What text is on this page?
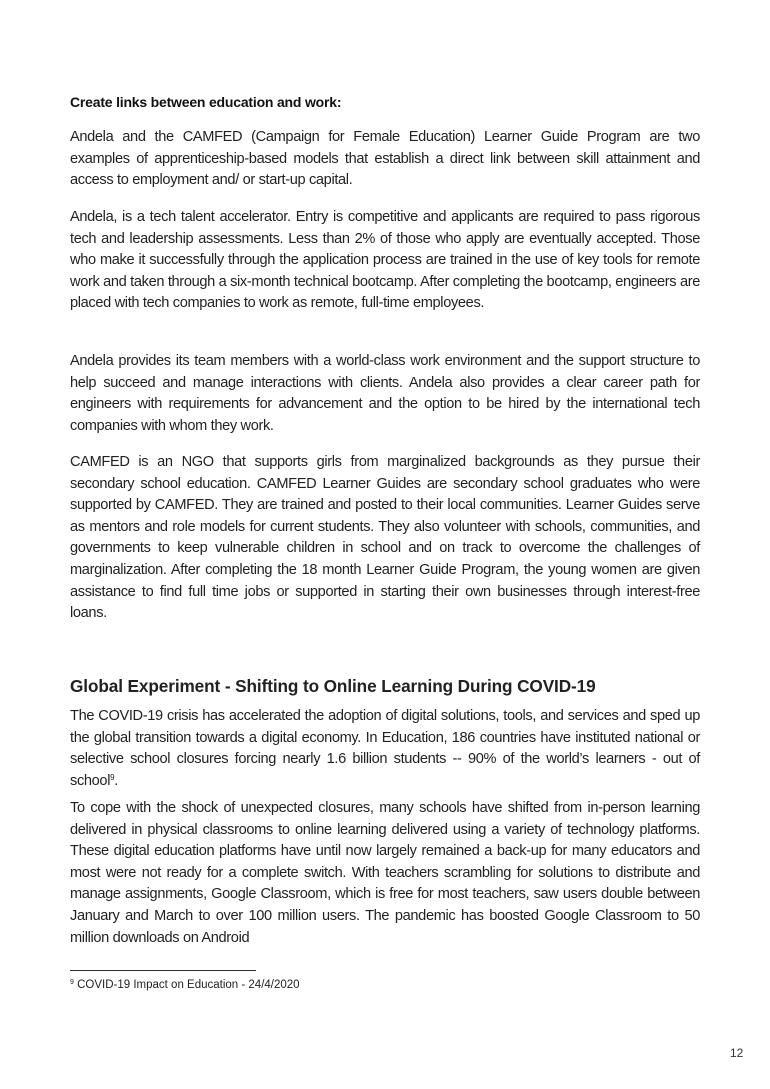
Create links between education and work:
Andela and the CAMFED (Campaign for Female Education) Learner Guide Program are two examples of apprenticeship-based models that establish a direct link between skill attainment and access to employment and/ or start-up capital.
Andela, is a tech talent accelerator. Entry is competitive and applicants are required to pass rigorous tech and leadership assessments. Less than 2% of those who apply are eventually accepted. Those who make it successfully through the application process are trained in the use of key tools for remote work and taken through a six-month technical bootcamp. After completing the bootcamp, engineers are placed with tech companies to work as remote, full-time employees.
Andela provides its team members with a world-class work environment and the support structure to help succeed and manage interactions with clients. Andela also provides a clear career path for engineers with requirements for advancement and the option to be hired by the international tech companies with whom they work.
CAMFED is an NGO that supports girls from marginalized backgrounds as they pursue their secondary school education. CAMFED Learner Guides are secondary school graduates who were supported by CAMFED. They are trained and posted to their local communities. Learner Guides serve as mentors and role models for current students. They also volunteer with schools, communities, and governments to keep vulnerable children in school and on track to overcome the challenges of marginalization. After completing the 18 month Learner Guide Program, the young women are given assistance to find full time jobs or supported in starting their own businesses through interest-free loans.
Global Experiment - Shifting to Online Learning During COVID-19
The COVID-19 crisis has accelerated the adoption of digital solutions, tools, and services and sped up the global transition towards a digital economy. In Education, 186 countries have instituted national or selective school closures forcing nearly 1.6 billion students -- 90% of the world’s learners - out of school$^9$.
To cope with the shock of unexpected closures, many schools have shifted from in-person learning delivered in physical classrooms to online learning delivered using a variety of technology platforms. These digital education platforms have until now largely remained a back-up for many educators and most were not ready for a complete switch. With teachers scrambling for solutions to distribute and manage assignments, Google Classroom, which is free for most teachers, saw users double between January and March to over 100 million users. The pandemic has boosted Google Classroom to 50 million downloads on Android
$^9$ COVID-19 Impact on Education - 24/4/2020
12
